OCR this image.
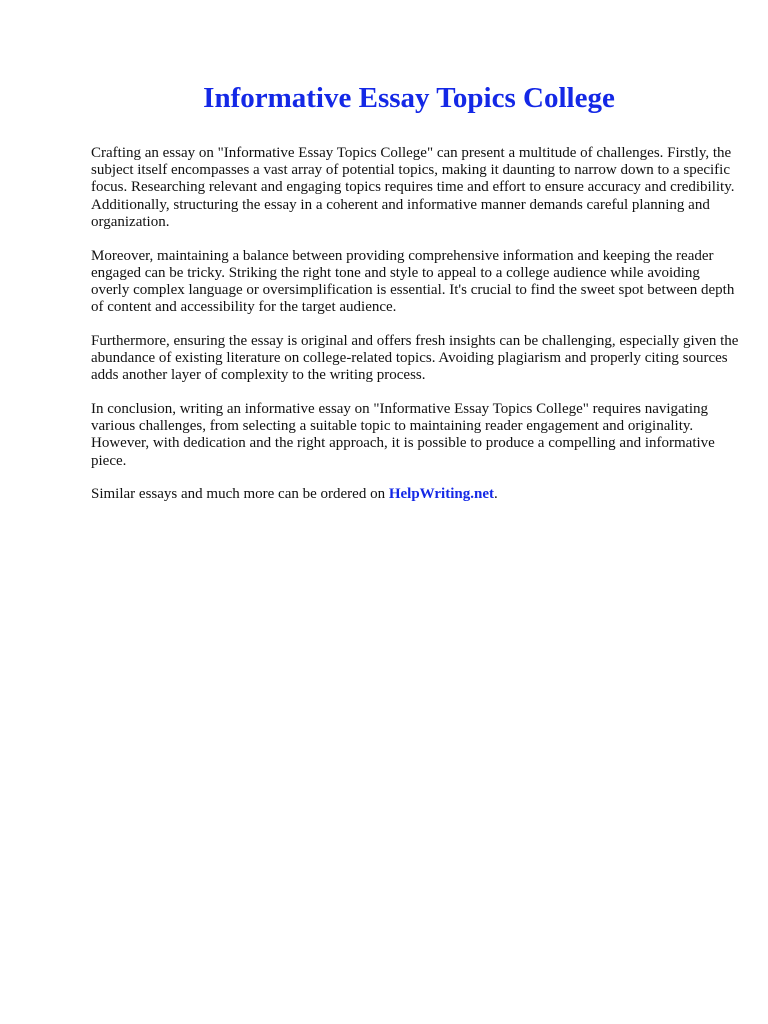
Informative Essay Topics College

Crafting an essay on "Informative Essay Topics College" can present a multitude of challenges. Firstly, the subject itself encompasses a vast array of potential topics, making it daunting to narrow down to a specific focus. Researching relevant and engaging topics requires time and effort to ensure accuracy and credibility. Additionally, structuring the essay in a coherent and informative manner demands careful planning and organization.

Moreover, maintaining a balance between providing comprehensive information and keeping the reader engaged can be tricky. Striking the right tone and style to appeal to a college audience while avoiding overly complex language or oversimplification is essential. It's crucial to find the sweet spot between depth of content and accessibility for the target audience.

Furthermore, ensuring the essay is original and offers fresh insights can be challenging, especially given the abundance of existing literature on college-related topics. Avoiding plagiarism and properly citing sources adds another layer of complexity to the writing process.

In conclusion, writing an informative essay on "Informative Essay Topics College" requires navigating various challenges, from selecting a suitable topic to maintaining reader engagement and originality. However, with dedication and the right approach, it is possible to produce a compelling and informative piece.

Similar essays and much more can be ordered on HelpWriting.net.
